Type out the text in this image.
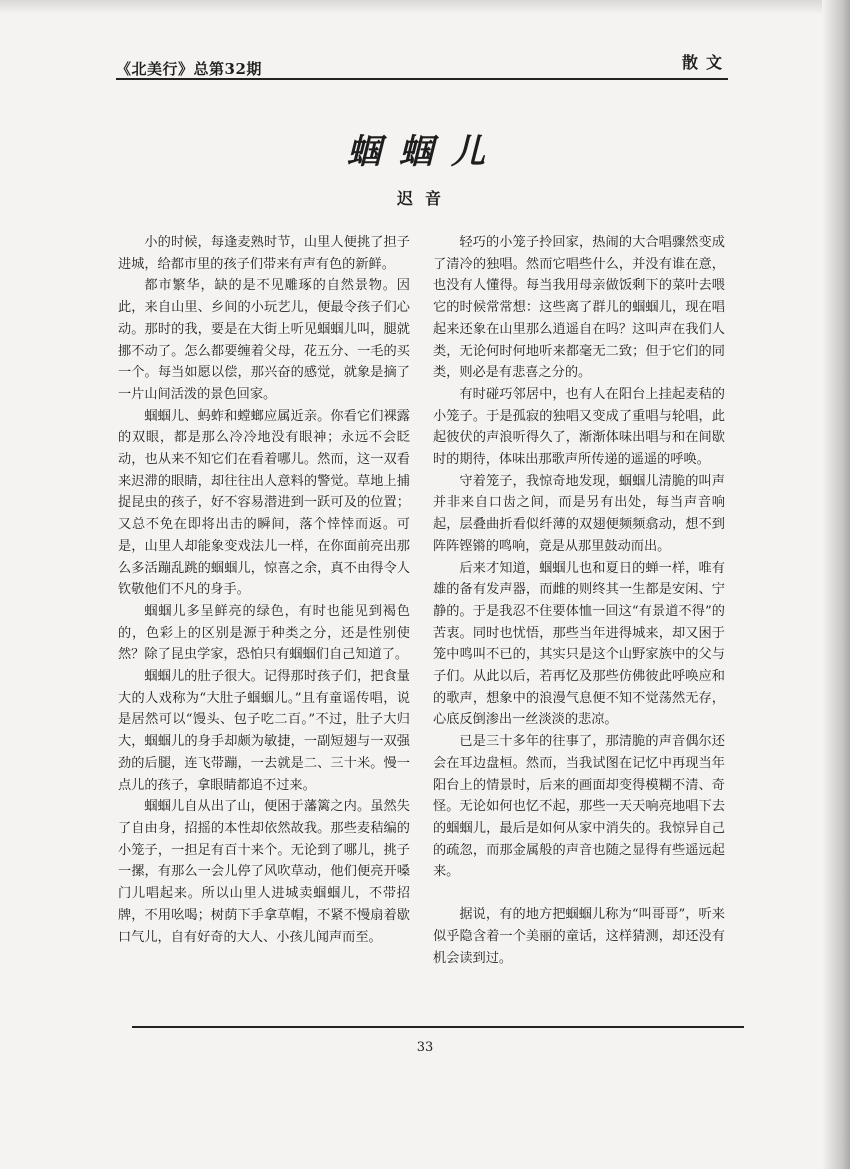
《北美行》总第32期	散文
蝈蝈儿
迟音

小的时候，每逢麦熟时节，山里人便挑了担子进城，给都市里的孩子们带来有声有色的新鲜。

都市繁华，缺的是不见雕琢的自然景物。因此，来自山里、乡间的小玩艺儿，便最令孩子们心动。那时的我，要是在大街上听见蝈蝈儿叫，腿就挪不动了。怎么都要缠着父母，花五分、一毛的买一个。每当如愿以偿，那兴奋的感觉，就象是摘了一片山间活泼的景色回家。

蝈蝈儿、蚂蚱和螳螂应属近亲。你看它们裸露的双眼，都是那么冷冷地没有眼神；永远不会眨动，也从来不知它们在看着哪儿。然而，这一双看来迟滞的眼睛，却往往出人意料的警觉。草地上捕捉昆虫的孩子，好不容易潜进到一跃可及的位置；又总不免在即将出击的瞬间，落个悻悻而返。可是，山里人却能象变戏法儿一样，在你面前亮出那么多活蹦乱跳的蝈蝈儿，惊喜之余，真不由得令人钦敬他们不凡的身手。

蝈蝈儿多呈鲜亮的绿色，有时也能见到褐色的，色彩上的区别是源于种类之分，还是性别使然？除了昆虫学家，恐怕只有蝈蝈们自己知道了。

蝈蝈儿的肚子很大。记得那时孩子们，把食量大的人戏称为“大肚子蝈蝈儿。”且有童谣传唱，说是居然可以“馒头、包子吃二百。”不过，肚子大归大，蝈蝈儿的身手却颇为敏捷，一副短翅与一双强劲的后腿，连飞带蹦，一去就是二、三十米。慢一点儿的孩子，拿眼睛都追不过来。

蝈蝈儿自从出了山，便困于藩篱之内。虽然失了自由身，招摇的本性却依然故我。那些麦秸编的小笼子，一担足有百十来个。无论到了哪儿，挑子一摞，有那么一会儿停了风吹草动，他们便亮开嗓门儿唱起来。所以山里人进城卖蝈蝈儿，不带招牌，不用吆喝；树荫下手拿草帽，不紧不慢扇着歇口气儿，自有好奇的大人、小孩儿闻声而至。

轻巧的小笼子拎回家，热闹的大合唱骤然变成了清冷的独唱。然而它唱些什么，并没有谁在意，也没有人懂得。每当我用母亲做饭剩下的菜叶去喂它的时候常常想：这些离了群儿的蝈蝈儿，现在唱起来还象在山里那么逍遥自在吗？这叫声在我们人类，无论何时何地听来都毫无二致；但于它们的同类，则必是有悲喜之分的。

有时碰巧邻居中，也有人在阳台上挂起麦秸的小笼子。于是孤寂的独唱又变成了重唱与轮唱，此起彼伏的声浪听得久了，渐渐体味出唱与和在间歇时的期待，体味出那歌声所传递的遥遥的呼唤。

守着笼子，我惊奇地发现，蝈蝈儿清脆的叫声并非来自口齿之间，而是另有出处，每当声音响起，层叠曲折看似纤薄的双翅便频频翕动，想不到阵阵铿锵的鸣响，竟是从那里鼓动而出。

后来才知道，蝈蝈儿也和夏日的蝉一样，唯有雄的备有发声器，而雌的则终其一生都是安闲、宁静的。于是我忍不住要体恤一回这“有景道不得”的苦衷。同时也忧悟，那些当年进得城来，却又困于笼中鸣叫不已的，其实只是这个山野家族中的父与子们。从此以后，若再忆及那些仿佛彼此呼唤应和的歌声，想象中的浪漫气息便不知不觉荡然无存，心底反倒渗出一丝淡淡的悲凉。

已是三十多年的往事了，那清脆的声音偶尔还会在耳边盘桓。然而，当我试图在记忆中再现当年阳台上的情景时，后来的画面却变得模糊不清、奇怪。无论如何也忆不起，那些一天天响亮地唱下去的蝈蝈儿，最后是如何从家中消失的。我惊异自己的疏忽，而那金属般的声音也随之显得有些遥远起来。

据说，有的地方把蝈蝈儿称为“叫哥哥”，听来似乎隐含着一个美丽的童话，这样猜测，却还没有机会读到过。

33
